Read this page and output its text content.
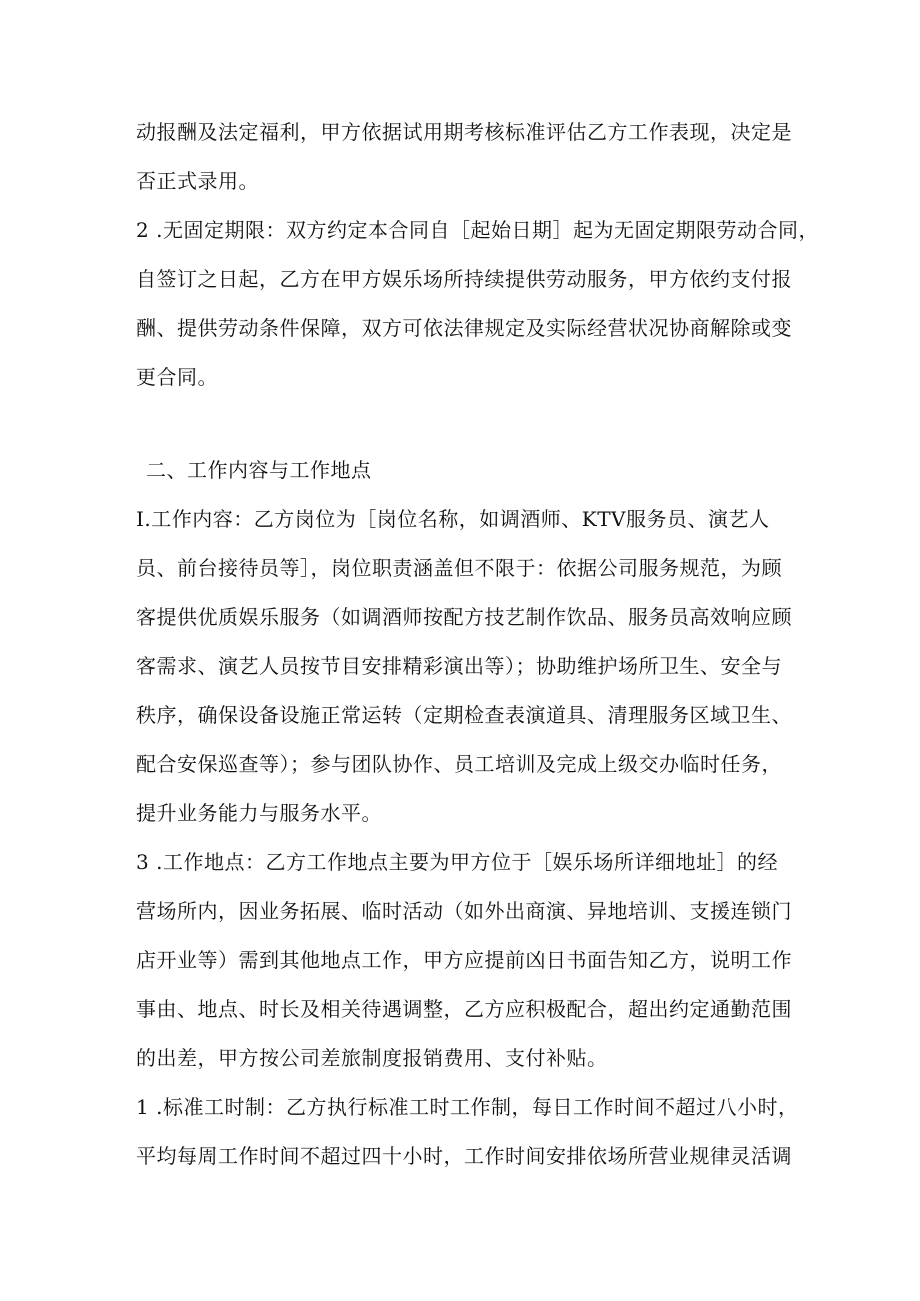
动报酬及法定福利，甲方依据试用期考核标准评估乙方工作表现，决定是
否正式录用。
2 .无固定期限：双方约定本合同自［起始日期］起为无固定期限劳动合同，
自签订之日起，乙方在甲方娱乐场所持续提供劳动服务，甲方依约支付报
酬、提供劳动条件保障，双方可依法律规定及实际经营状况协商解除或变
更合同。
二、工作内容与工作地点
I.工作内容：乙方岗位为［岗位名称，如调酒师、KTV服务员、演艺人
员、前台接待员等］，岗位职责涵盖但不限于：依据公司服务规范，为顾
客提供优质娱乐服务（如调酒师按配方技艺制作饮品、服务员高效响应顾
客需求、演艺人员按节目安排精彩演出等）；协助维护场所卫生、安全与
秩序，确保设备设施正常运转（定期检查表演道具、清理服务区域卫生、
配合安保巡查等）；参与团队协作、员工培训及完成上级交办临时任务，
提升业务能力与服务水平。
3 .工作地点：乙方工作地点主要为甲方位于［娱乐场所详细地址］的经
营场所内，因业务拓展、临时活动（如外出商演、异地培训、支援连锁门
店开业等）需到其他地点工作，甲方应提前凶日书面告知乙方，说明工作
事由、地点、时长及相关待遇调整，乙方应积极配合，超出约定通勤范围
的出差，甲方按公司差旅制度报销费用、支付补贴。
1 .标准工时制：乙方执行标准工时工作制，每日工作时间不超过八小时，
平均每周工作时间不超过四十小时，工作时间安排依场所营业规律灵活调
